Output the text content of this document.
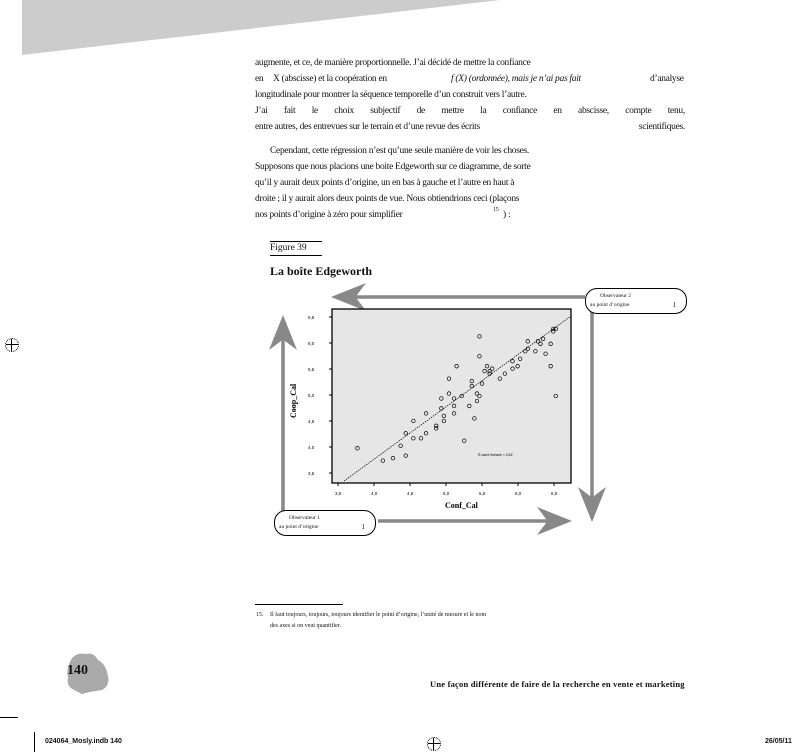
augmente, et ce, de manière proportionnelle. J’ai décidé de mettre la confiance
en X (abscisse) et la coopération en	f (X) (ordonnée), mais je n’ai pas fait	d’analyse
longitudinale pour montrer la séquence temporelle d’un construit vers l’autre.
J’ai fait le choix subjectif de mettre la confiance en abscisse, compte tenu,
entre autres, des entrevues sur le terrain et d’une revue des écrits	scientifiques.
Cependant, cette régression n’est qu’une seule manière de voir les choses.
Supposons que nous placions une boite Edgeworth sur ce diagramme, de sorte
qu’il y aurait deux points d’origine, un en bas à gauche et l’autre en haut à
droite ; il y aurait alors deux points de vue. Nous obtiendrions ceci (plaçons
nos points d’origine à zéro pour simplifier	15 ) :
Figure 39
La boîte Edgeworth
6,5
6,0
5,5
5,0
4,5
4,0
3,5
3,5	4,0	4,5	5,0	5,5	6,0	6,5
Conf_Cal
Coop_Cal
R carré linéaire = 0,62
Observateur 2
au point d’origine	1
Observateur 1
au point d’origine	1
15. Il faut toujours, toujours, toujours identifier le point d’origine, l’unité de mesure et le nom

des axes si on veut quantifier.
140
Une façon différente de faire de la recherche en vente et marketing
024064_Mosly.indb 140	26/05/11
